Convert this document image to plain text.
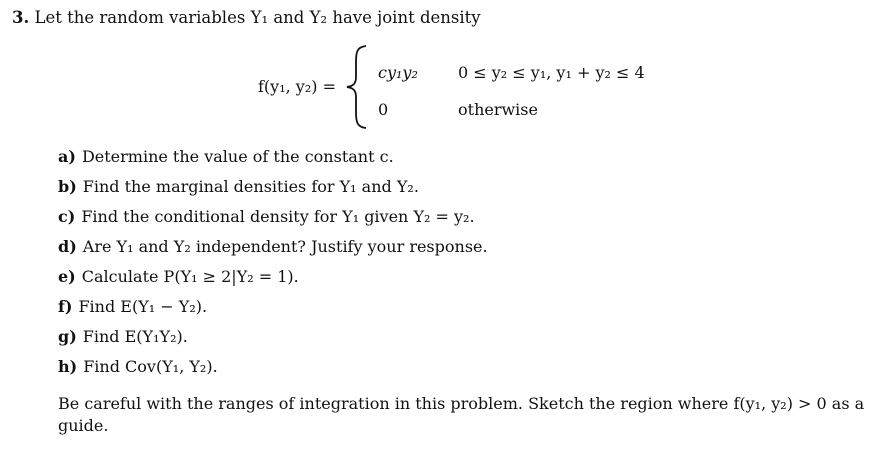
3. Let the random variables Y₁ and Y₂ have joint density
f(y₁, y₂) =
cy₁y₂	0 ≤ y₂ ≤ y₁, y₁ + y₂ ≤ 4
0	otherwise
a) Determine the value of the constant c.
b) Find the marginal densities for Y₁ and Y₂.
c) Find the conditional density for Y₁ given Y₂ = y₂.
d) Are Y₁ and Y₂ independent? Justify your response.
e) Calculate P(Y₁ ≥ 2|Y₂ = 1).
f) Find E(Y₁ − Y₂).
g) Find E(Y₁Y₂).
h) Find Cov(Y₁, Y₂).
Be careful with the ranges of integration in this problem. Sketch the region where f(y₁, y₂) > 0 as a guide.
